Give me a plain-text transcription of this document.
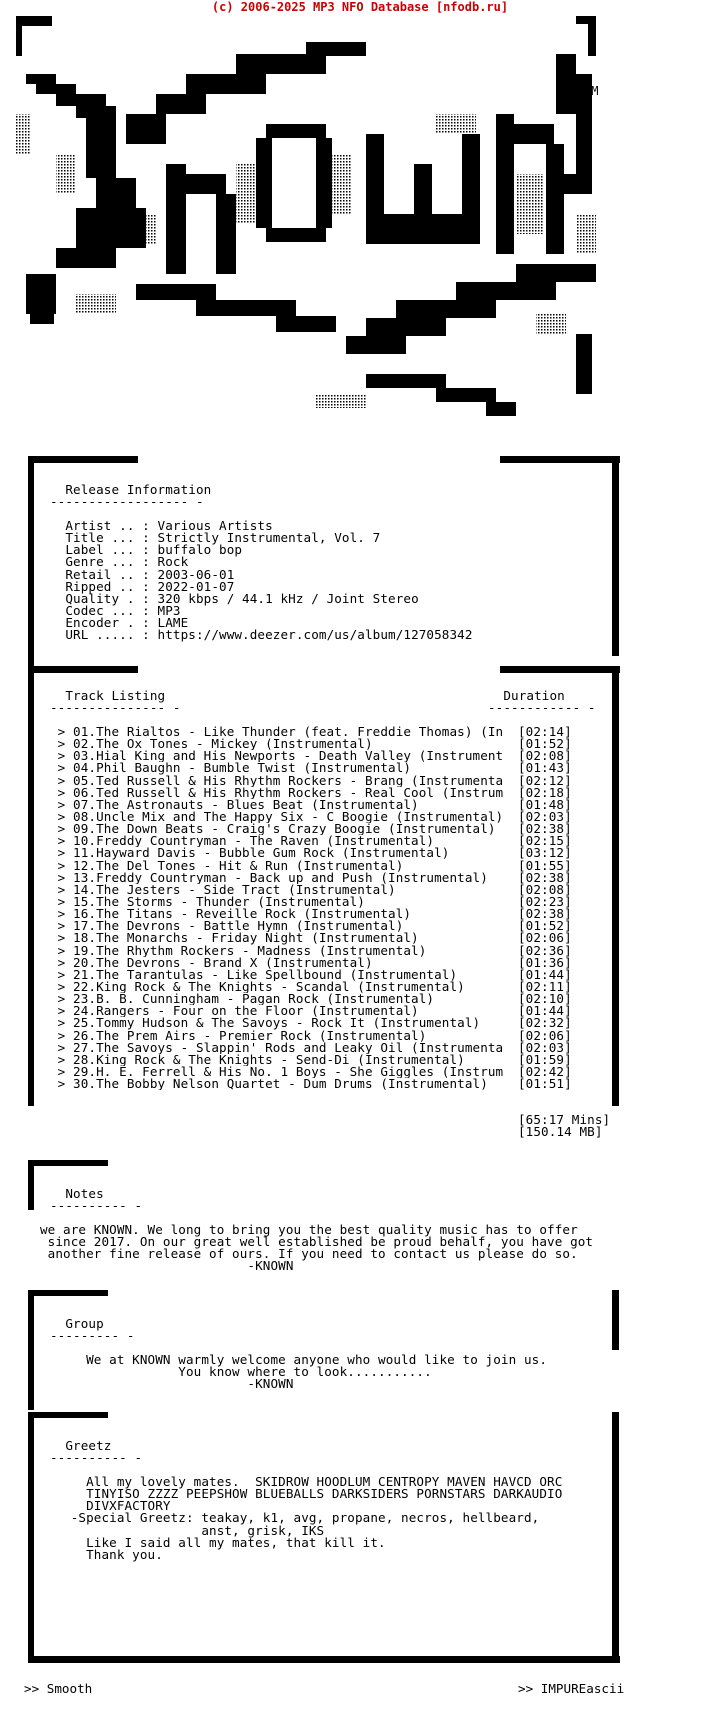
(c) 2006-2025 MP3 NFO Database [nfodb.ru]
sM
Release Information
------------------ -
Artist .. : Various Artists
Title ... : Strictly Instrumental, Vol. 7
Label ... : buffalo bop
Genre ... : Rock
Retail .. : 2003-06-01
Ripped .. : 2022-01-07
Quality . : 320 kbps / 44.1 kHz / Joint Stereo
Codec ... : MP3
Encoder . : LAME
URL ..... : https://www.deezer.com/us/album/127058342
Track Listing
--------------- -
Duration
------------ -
> 01.The Rialtos - Like Thunder (feat. Freddie Thomas) (In	[02:14]
> 02.The Ox Tones - Mickey (Instrumental)	[01:52]
> 03.Hial King and His Newports - Death Valley (Instrument	[02:08]
> 04.Phil Baughn - Bumble Twist (Instrumental)	[01:43]
> 05.Ted Russell & His Rhythm Rockers - Brang (Instrumenta	[02:12]
> 06.Ted Russell & His Rhythm Rockers - Real Cool (Instrum	[02:18]
> 07.The Astronauts - Blues Beat (Instrumental)	[01:48]
> 08.Uncle Mix and The Happy Six - C Boogie (Instrumental)	[02:03]
> 09.The Down Beats - Craig's Crazy Boogie (Instrumental)	[02:38]
> 10.Freddy Countryman - The Raven (Instrumental)	[02:15]
> 11.Hayward Davis - Bubble Gum Rock (Instrumental)	[03:12]
> 12.The Del Tones - Hit & Run (Instrumental)	[01:55]
> 13.Freddy Countryman - Back up and Push (Instrumental)	[02:38]
> 14.The Jesters - Side Tract (Instrumental)	[02:08]
> 15.The Storms - Thunder (Instrumental)	[02:23]
> 16.The Titans - Reveille Rock (Instrumental)	[02:38]
> 17.The Devrons - Battle Hymn (Instrumental)	[01:52]
> 18.The Monarchs - Friday Night (Instrumental)	[02:06]
> 19.The Rhythm Rockers - Madness (Instrumental)	[02:36]
> 20.The Devrons - Brand X (Instrumental)	[01:36]
> 21.The Tarantulas - Like Spellbound (Instrumental)	[01:44]
> 22.King Rock & The Knights - Scandal (Instrumental)	[02:11]
> 23.B. B. Cunningham - Pagan Rock (Instrumental)	[02:10]
> 24.Rangers - Four on the Floor (Instrumental)	[01:44]
> 25.Tommy Hudson & The Savoys - Rock It (Instrumental)	[02:32]
> 26.The Prem Airs - Premier Rock (Instrumental)	[02:06]
> 27.The Savoys - Slappin' Rods and Leaky Oil (Instrumenta	[02:03]
> 28.King Rock & The Knights - Send-Di (Instrumental)	[01:59]
> 29.H. E. Ferrell & His No. 1 Boys - She Giggles (Instrum	[02:42]
> 30.The Bobby Nelson Quartet - Dum Drums (Instrumental)	[01:51]
[65:17 Mins]
[150.14 MB]
Notes
---------- -
we are KNOWN. We long to bring you the best quality music has to offer
since 2017. On our great well established be proud behalf, you have got
another fine release of ours. If you need to contact us please do so.
-KNOWN
Group
--------- -
We at KNOWN warmly welcome anyone who would like to join us.
You know where to look...........
-KNOWN
Greetz
---------- -
All my lovely mates.  SKIDROW HOODLUM CENTROPY MAVEN HAVCD ORC
TINYISO ZZZZ PEEPSHOW BLUEBALLS DARKSIDERS PORNSTARS DARKAUDIO
DIVXFACTORY
-Special Greetz: teakay, k1, avg, propane, necros, hellbeard,
anst, grisk, IKS
Like I said all my mates, that kill it.
Thank you.
>> Smooth	>> IMPUREascii
